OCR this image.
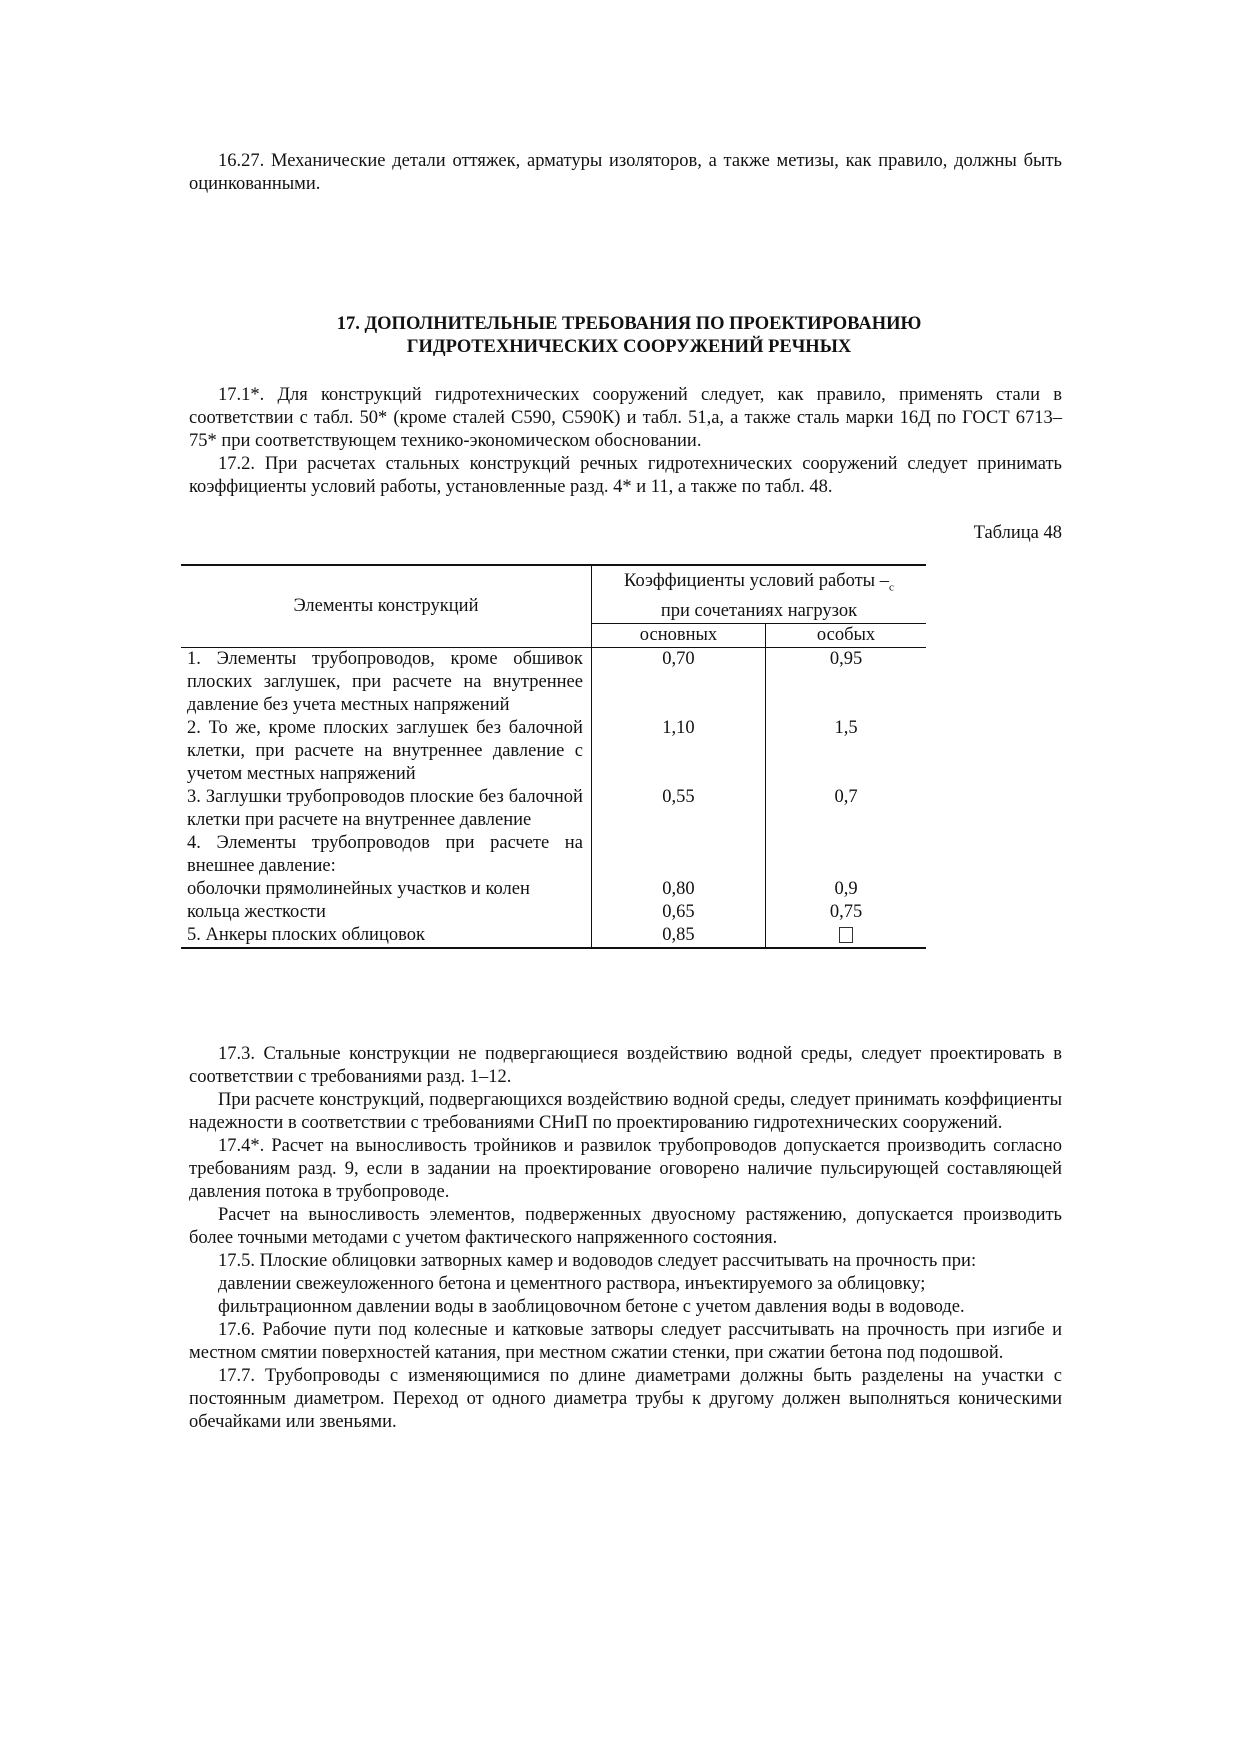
16.27. Механические детали оттяжек, арматуры изоляторов, а также метизы, как правило, должны быть оцинкованными.

17. ДОПОЛНИТЕЛЬНЫЕ ТРЕБОВАНИЯ ПО ПРОЕКТИРОВАНИЮ
ГИДРОТЕХНИЧЕСКИХ СООРУЖЕНИЙ РЕЧНЫХ

17.1*. Для конструкций гидротехнических сооружений следует, как правило, применять стали в соответствии с табл. 50* (кроме сталей С590, С590К) и табл. 51,а, а также сталь марки 16Д по ГОСТ 6713–75* при соответствующем технико-экономическом обосновании.

17.2. При расчетах стальных конструкций речных гидротехнических сооружений следует принимать коэффициенты условий работы, установленные разд. 4* и 11, а также по табл. 48.

Таблица 48
Элементы конструкций	Коэффициенты условий работы $-_c$
при сочетаниях нагрузок	
	основных	особых
1. Элементы трубопроводов, кроме обшивок плоских заглушек, при расчете на внутреннее давление без учета местных напряжений	0,70	0,95
2. То же, кроме плоских заглушек без балочной клетки, при расчете на внутреннее давление с учетом местных напряжений	1,10	1,5
3. Заглушки трубопроводов плоские без балочной клетки при расчете на внутреннее давление	0,55	0,7
4. Элементы трубопроводов при расчете на внешнее давление:		
оболочки прямолинейных участков и колен	0,80	0,9
кольца жесткости	0,65	0,75
5. Анкеры плоских облицовок	0,85	

17.3. Стальные конструкции не подвергающиеся воздействию водной среды, следует проектировать в соответствии с требованиями разд. 1–12.

При расчете конструкций, подвергающихся воздействию водной среды, следует принимать коэффициенты надежности в соответствии с требованиями СНиП по проектированию гидротехнических сооружений.

17.4*. Расчет на выносливость тройников и развилок трубопроводов допускается производить согласно требованиям разд. 9, если в задании на проектирование оговорено наличие пульсирующей составляющей давления потока в трубопроводе.

Расчет на выносливость элементов, подверженных двуосному растяжению, допускается производить более точными методами с учетом фактического напряженного состояния.

17.5. Плоские облицовки затворных камер и водоводов следует рассчитывать на прочность при:

давлении свежеуложенного бетона и цементного раствора, инъектируемого за облицовку;

фильтрационном давлении воды в заоблицовочном бетоне с учетом давления воды в водоводе.

17.6. Рабочие пути под колесные и катковые затворы следует рассчитывать на прочность при изгибе и местном смятии поверхностей катания, при местном сжатии стенки, при сжатии бетона под подошвой.

17.7. Трубопроводы с изменяющимися по длине диаметрами должны быть разделены на участки с постоянным диаметром. Переход от одного диаметра трубы к другому должен выполняться коническими обечайками или звеньями.
